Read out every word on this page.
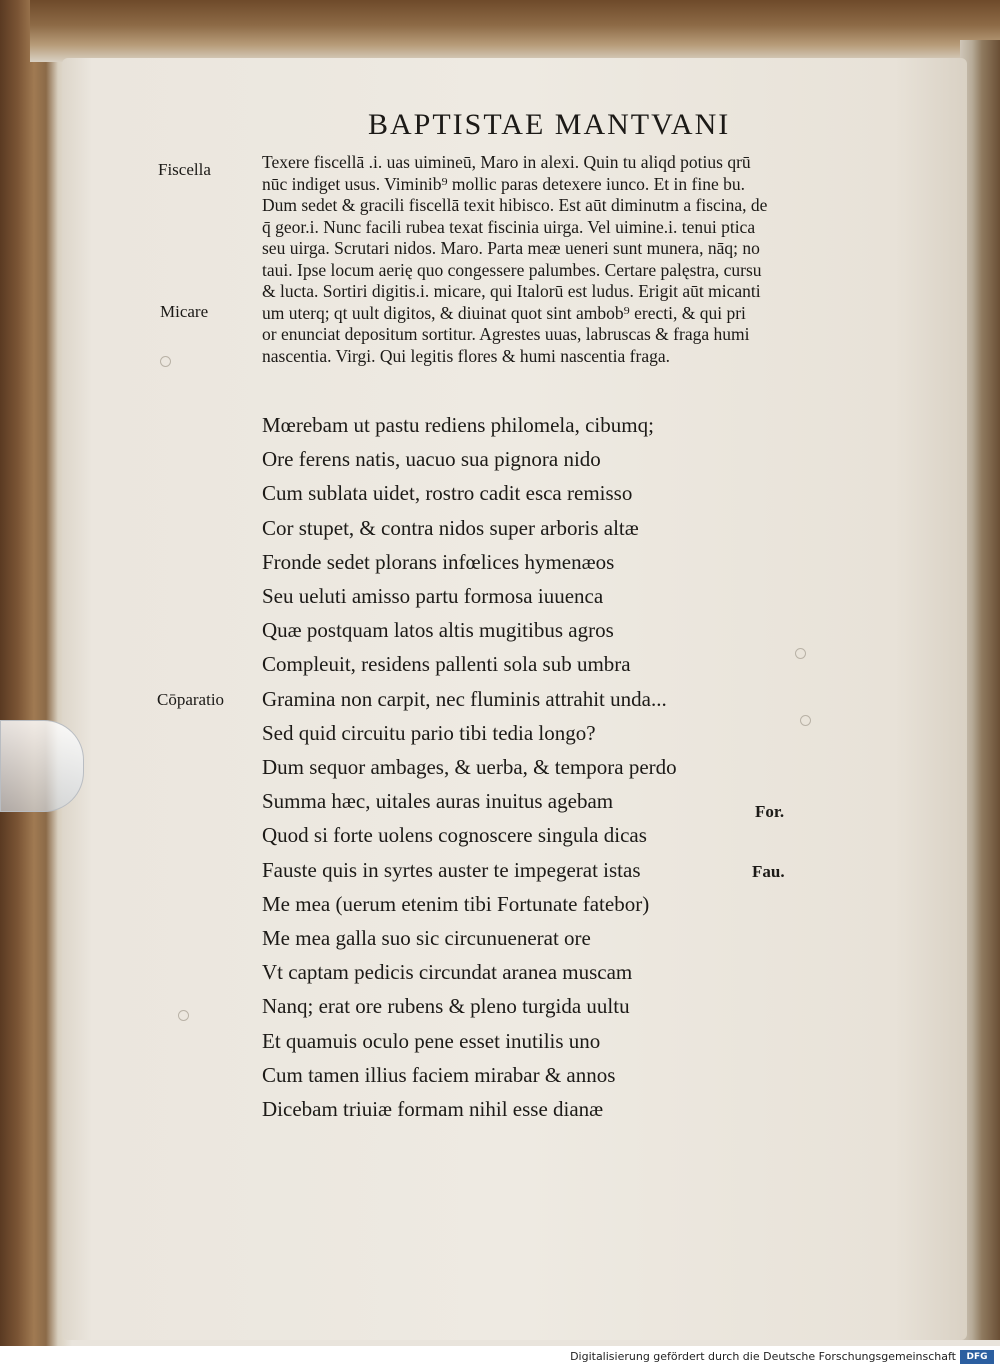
BAPTISTAE MANTVANI
Fiscella
Micare
Cōparatio
Texere fiscellā .i. uas uimineū, Maro in alexi. Quin tu aliqd potius qrū
nūc indiget usus. Viminib⁹ mollic paras detexere iunco. Et in fine bu.
Dum sedet & gracili fiscellā texit hibisco. Est aūt diminutm a fiscina, de
q̄ geor.i. Nunc facili rubea texat fiscinia uirga. Vel uimine.i. tenui ptica
seu uirga. Scrutari nidos. Maro. Parta meæ ueneri sunt munera, nāq; no
taui. Ipse locum aerię quo congessere palumbes. Certare palęstra, cursu
& lucta. Sortiri digitis.i. micare, qui Italorū est ludus. Erigit aūt micanti
um uterq; qt uult digitos, & diuinat quot sint ambob⁹ erecti, & qui pri
or enunciat depositum sortitur. Agrestes uuas, labruscas & fraga humi
nascentia. Virgi. Qui legitis flores & humi nascentia fraga.
Mœrebam ut pastu rediens philomela, cibumq;
Ore ferens natis, uacuo sua pignora nido
Cum sublata uidet, rostro cadit esca remisso
Cor stupet, & contra nidos super arboris altæ
Fronde sedet plorans infœlices hymenæos
Seu ueluti amisso partu formosa iuuenca
Quæ postquam latos altis mugitibus agros
Compleuit, residens pallenti sola sub umbra
Gramina non carpit, nec fluminis attrahit unda...
Sed quid circuitu pario tibi tedia longo?
Dum sequor ambages, & uerba, & tempora perdo
Summa hæc, uitales auras inuitus agebam
Quod si forte uolens cognoscere singula dicas
Fauste quis in syrtes auster te impegerat istas
Me mea (uerum etenim tibi Fortunate fatebor)
Me mea galla suo sic circunuenerat ore
Vt captam pedicis circundat aranea muscam
Nanq; erat ore rubens & pleno turgida uultu
Et quamuis oculo pene esset inutilis uno
Cum tamen illius faciem mirabar & annos
Dicebam triuiæ formam nihil esse dianæ
For.
Fau.
Digitalisierung gefördert durch die Deutsche Forschungsgemeinschaft	DFG
